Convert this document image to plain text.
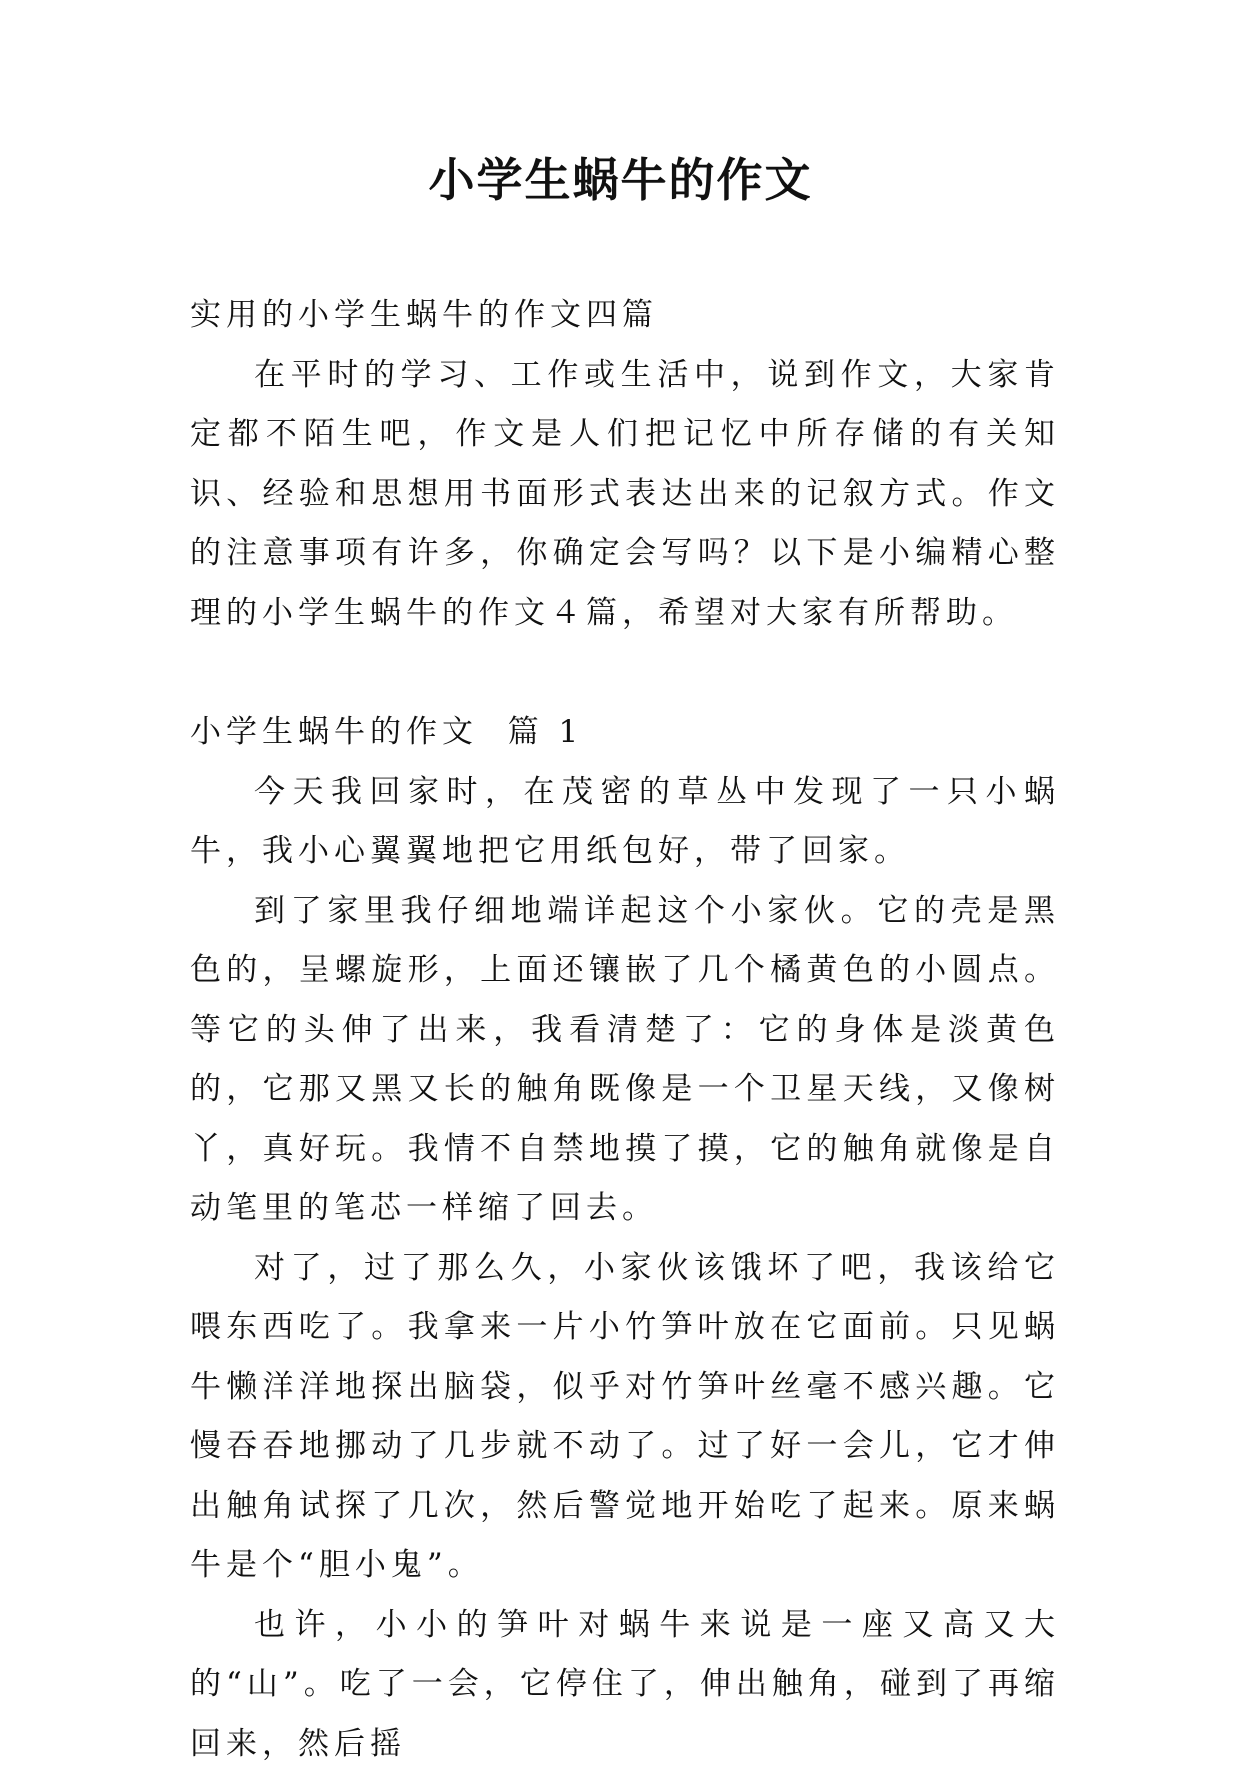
小学生蜗牛的作文

实用的小学生蜗牛的作文四篇

在平时的学习、工作或生活中，说到作文，大家肯定都不陌生吧，作文是人们把记忆中所存储的有关知识、经验和思想用书面形式表达出来的记叙方式。作文的注意事项有许多，你确定会写吗？以下是小编精心整理的小学生蜗牛的作文４篇，希望对大家有所帮助。

小学生蜗牛的作文  篇 1

今天我回家时，在茂密的草丛中发现了一只小蜗牛，我小心翼翼地把它用纸包好，带了回家。

到了家里我仔细地端详起这个小家伙。它的壳是黑色的，呈螺旋形，上面还镶嵌了几个橘黄色的小圆点。等它的头伸了出来，我看清楚了：它的身体是淡黄色的，它那又黑又长的触角既像是一个卫星天线，又像树丫，真好玩。我情不自禁地摸了摸，它的触角就像是自动笔里的笔芯一样缩了回去。

对了，过了那么久，小家伙该饿坏了吧，我该给它喂东西吃了。我拿来一片小竹笋叶放在它面前。只见蜗牛懒洋洋地探出脑袋，似乎对竹笋叶丝毫不感兴趣。它慢吞吞地挪动了几步就不动了。过了好一会儿，它才伸出触角试探了几次，然后警觉地开始吃了起来。原来蜗牛是个“胆小鬼”。

也许，小小的笋叶对蜗牛来说是一座又高又大的“山”。吃了一会，它停住了，伸出触角，碰到了再缩回来，然后摇
